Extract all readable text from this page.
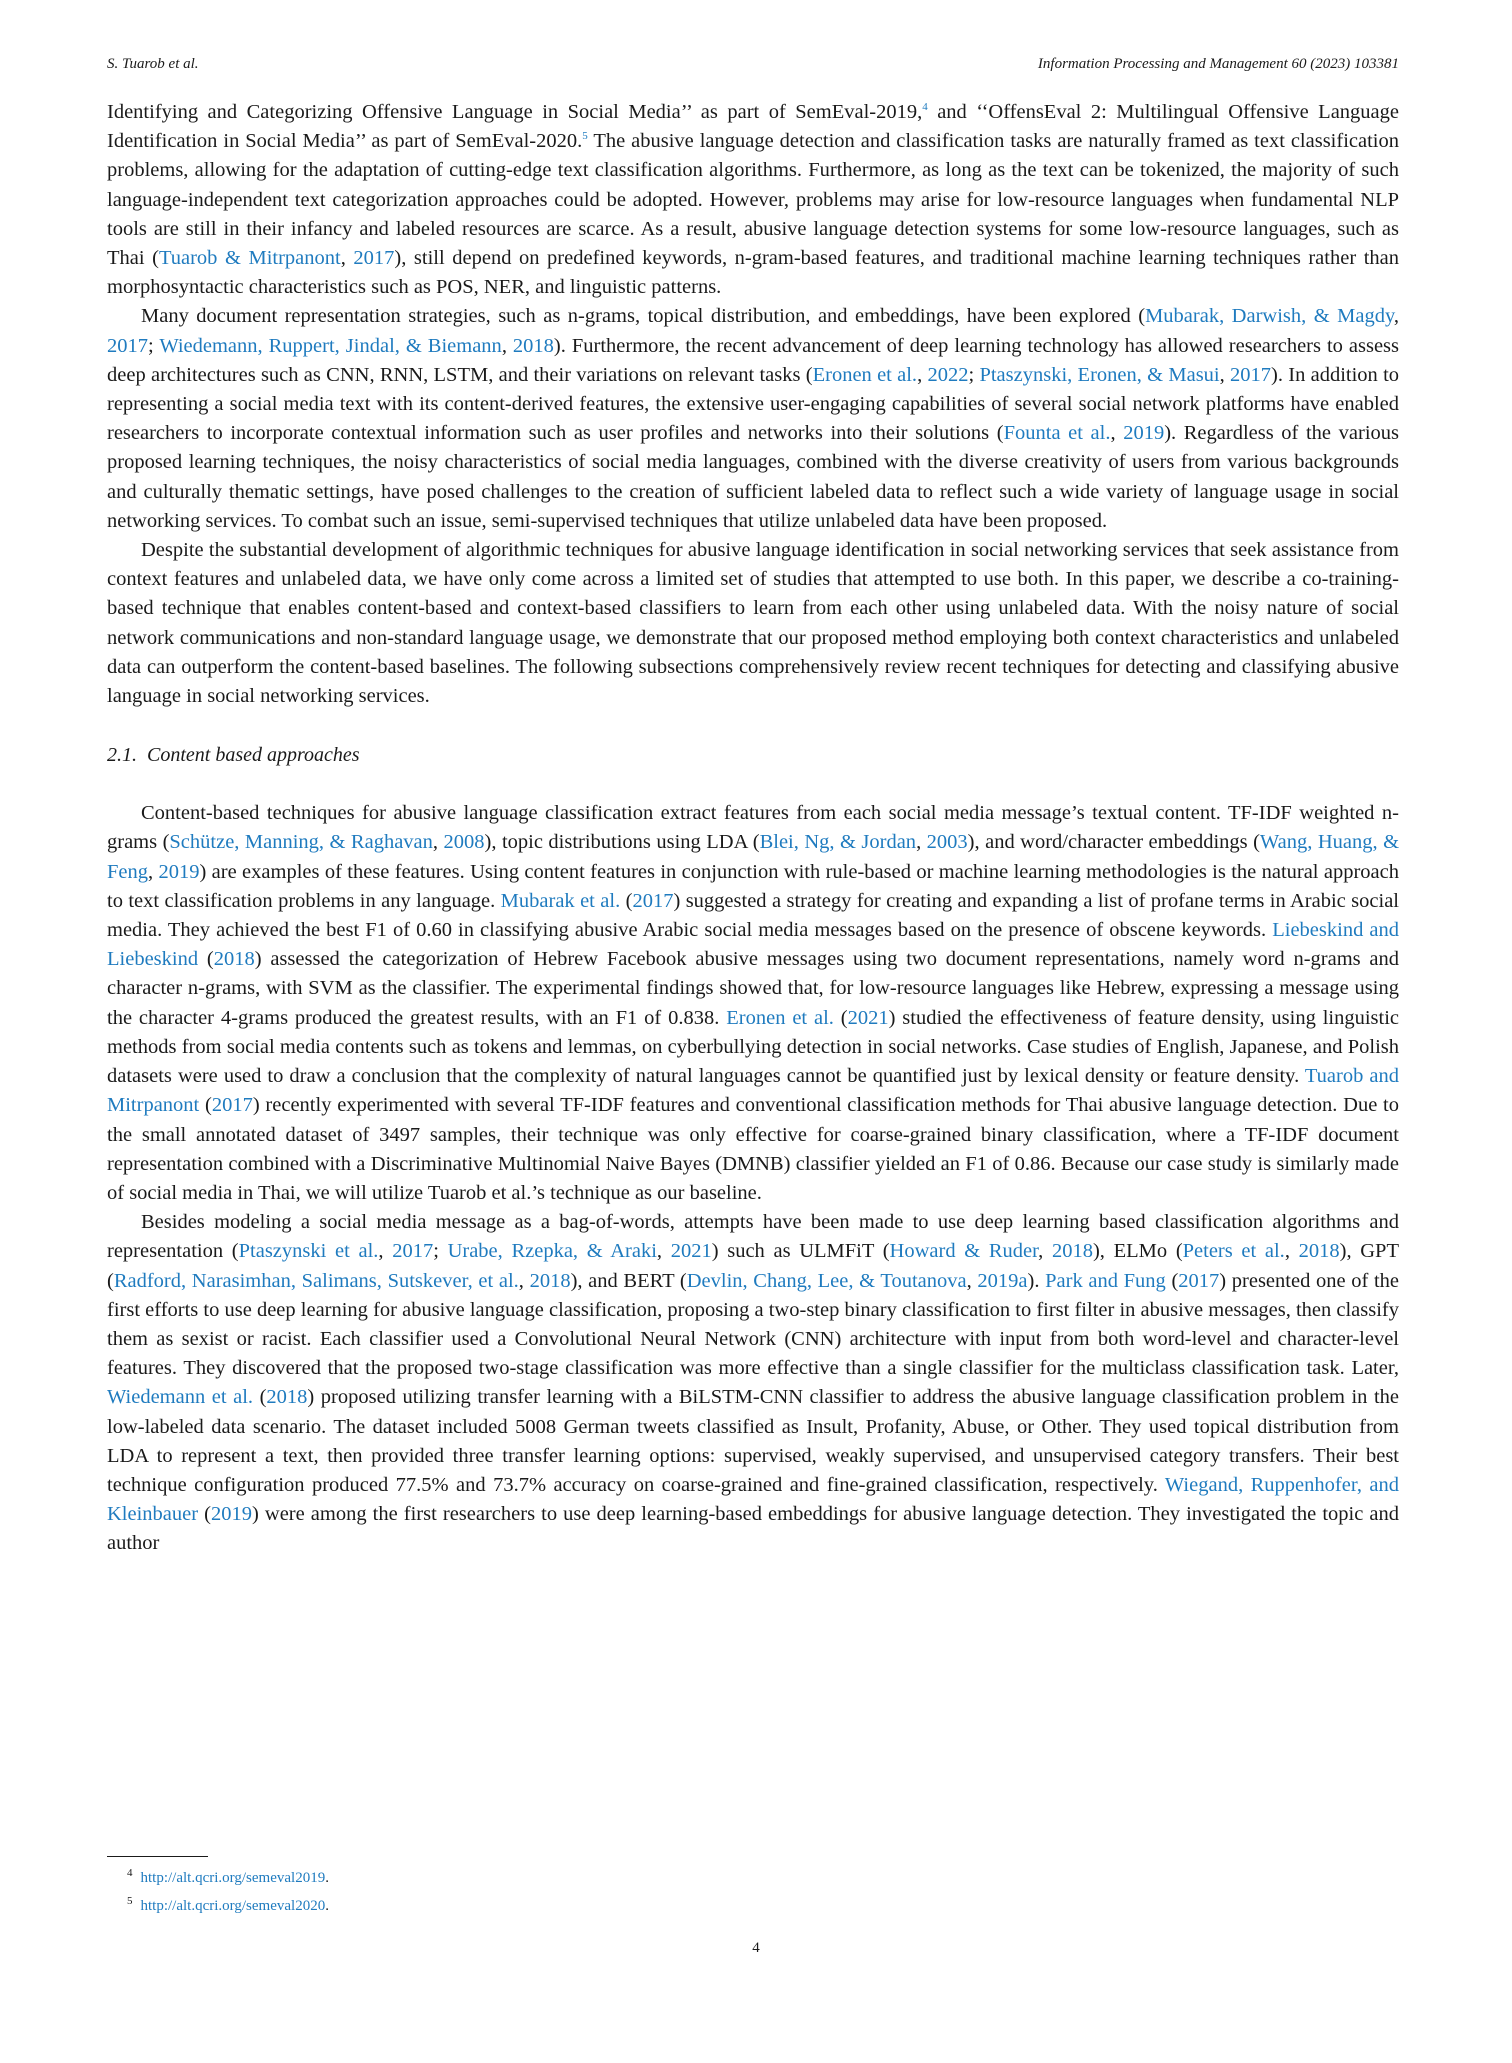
S. Tuarob et al.	Information Processing and Management 60 (2023) 103381

Identifying and Categorizing Offensive Language in Social Media’’ as part of SemEval-2019,$^4$ and ‘‘OffensEval 2: Multilingual Offensive Language Identification in Social Media’’ as part of SemEval-2020.$^5$ The abusive language detection and classification tasks are naturally framed as text classification problems, allowing for the adaptation of cutting-edge text classification algorithms. Furthermore, as long as the text can be tokenized, the majority of such language-independent text categorization approaches could be adopted. However, problems may arise for low-resource languages when fundamental NLP tools are still in their infancy and labeled resources are scarce. As a result, abusive language detection systems for some low-resource languages, such as Thai (Tuarob & Mitrpanont, 2017), still depend on predefined keywords, n-gram-based features, and traditional machine learning techniques rather than morphosyntactic characteristics such as POS, NER, and linguistic patterns.

Many document representation strategies, such as n-grams, topical distribution, and embeddings, have been explored (Mubarak, Darwish, & Magdy, 2017; Wiedemann, Ruppert, Jindal, & Biemann, 2018). Furthermore, the recent advancement of deep learning technology has allowed researchers to assess deep architectures such as CNN, RNN, LSTM, and their variations on relevant tasks (Eronen et al., 2022; Ptaszynski, Eronen, & Masui, 2017). In addition to representing a social media text with its content-derived features, the extensive user-engaging capabilities of several social network platforms have enabled researchers to incorporate contextual information such as user profiles and networks into their solutions (Founta et al., 2019). Regardless of the various proposed learning techniques, the noisy characteristics of social media languages, combined with the diverse creativity of users from various backgrounds and culturally thematic settings, have posed challenges to the creation of sufficient labeled data to reflect such a wide variety of language usage in social networking services. To combat such an issue, semi-supervised techniques that utilize unlabeled data have been proposed.

Despite the substantial development of algorithmic techniques for abusive language identification in social networking services that seek assistance from context features and unlabeled data, we have only come across a limited set of studies that attempted to use both. In this paper, we describe a co-training-based technique that enables content-based and context-based classifiers to learn from each other using unlabeled data. With the noisy nature of social network communications and non-standard language usage, we demonstrate that our proposed method employing both context characteristics and unlabeled data can outperform the content-based baselines. The following subsections comprehensively review recent techniques for detecting and classifying abusive language in social networking services.

2.1. Content based approaches

Content-based techniques for abusive language classification extract features from each social media message’s textual content. TF-IDF weighted n-grams (Schütze, Manning, & Raghavan, 2008), topic distributions using LDA (Blei, Ng, & Jordan, 2003), and word/character embeddings (Wang, Huang, & Feng, 2019) are examples of these features. Using content features in conjunction with rule-based or machine learning methodologies is the natural approach to text classification problems in any language. Mubarak et al. (2017) suggested a strategy for creating and expanding a list of profane terms in Arabic social media. They achieved the best F1 of 0.60 in classifying abusive Arabic social media messages based on the presence of obscene keywords. Liebeskind and Liebeskind (2018) assessed the categorization of Hebrew Facebook abusive messages using two document representations, namely word n-grams and character n-grams, with SVM as the classifier. The experimental findings showed that, for low-resource languages like Hebrew, expressing a message using the character 4-grams produced the greatest results, with an F1 of 0.838. Eronen et al. (2021) studied the effectiveness of feature density, using linguistic methods from social media contents such as tokens and lemmas, on cyberbullying detection in social networks. Case studies of English, Japanese, and Polish datasets were used to draw a conclusion that the complexity of natural languages cannot be quantified just by lexical density or feature density. Tuarob and Mitrpanont (2017) recently experimented with several TF-IDF features and conventional classification methods for Thai abusive language detection. Due to the small annotated dataset of 3497 samples, their technique was only effective for coarse-grained binary classification, where a TF-IDF document representation combined with a Discriminative Multinomial Naive Bayes (DMNB) classifier yielded an F1 of 0.86. Because our case study is similarly made of social media in Thai, we will utilize Tuarob et al.’s technique as our baseline.

Besides modeling a social media message as a bag-of-words, attempts have been made to use deep learning based classification algorithms and representation (Ptaszynski et al., 2017; Urabe, Rzepka, & Araki, 2021) such as ULMFiT (Howard & Ruder, 2018), ELMo (Peters et al., 2018), GPT (Radford, Narasimhan, Salimans, Sutskever, et al., 2018), and BERT (Devlin, Chang, Lee, & Toutanova, 2019a). Park and Fung (2017) presented one of the first efforts to use deep learning for abusive language classification, proposing a two-step binary classification to first filter in abusive messages, then classify them as sexist or racist. Each classifier used a Convolutional Neural Network (CNN) architecture with input from both word-level and character-level features. They discovered that the proposed two-stage classification was more effective than a single classifier for the multiclass classification task. Later, Wiedemann et al. (2018) proposed utilizing transfer learning with a BiLSTM-CNN classifier to address the abusive language classification problem in the low-labeled data scenario. The dataset included 5008 German tweets classified as Insult, Profanity, Abuse, or Other. They used topical distribution from LDA to represent a text, then provided three transfer learning options: supervised, weakly supervised, and unsupervised category transfers. Their best technique configuration produced 77.5% and 73.7% accuracy on coarse-grained and fine-grained classification, respectively. Wiegand, Ruppenhofer, and Kleinbauer (2019) were among the first researchers to use deep learning-based embeddings for abusive language detection. They investigated the topic and author

$^4$ http://alt.qcri.org/semeval2019.
$^5$ http://alt.qcri.org/semeval2020.
4
